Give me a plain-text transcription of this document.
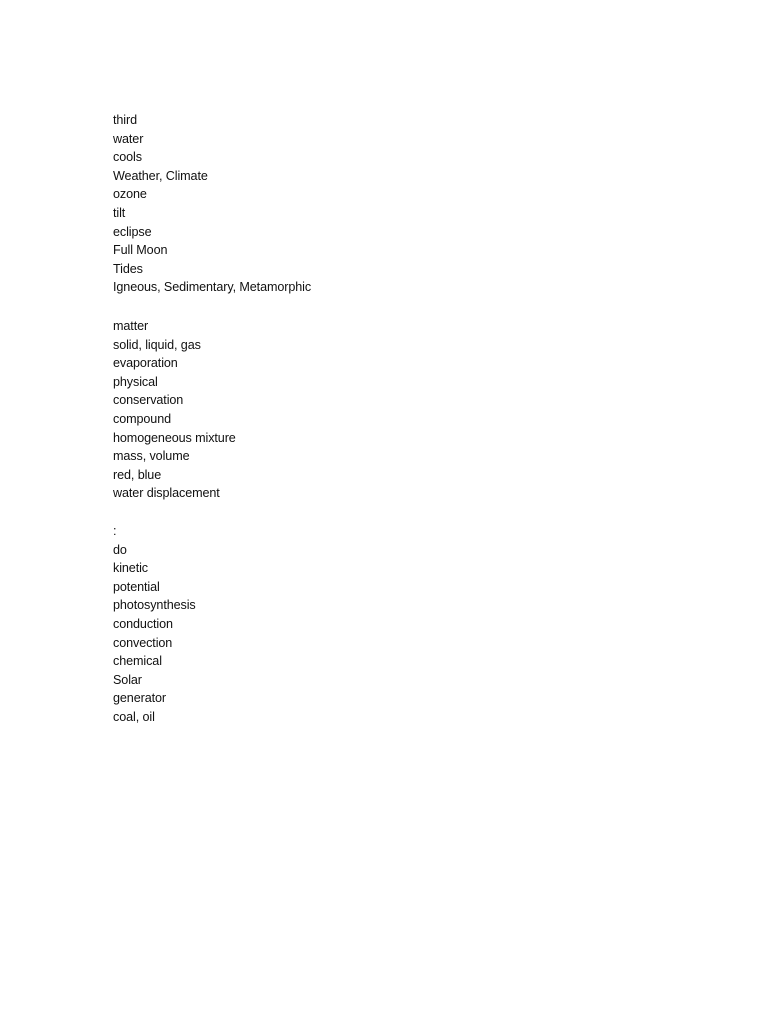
third
water
cools
Weather, Climate
ozone
tilt
eclipse
Full Moon
Tides
Igneous, Sedimentary, Metamorphic
matter
solid, liquid, gas
evaporation
physical
conservation
compound
homogeneous mixture
mass, volume
red, blue
water displacement
:
do
kinetic
potential
photosynthesis
conduction
convection
chemical
Solar
generator
coal, oil
